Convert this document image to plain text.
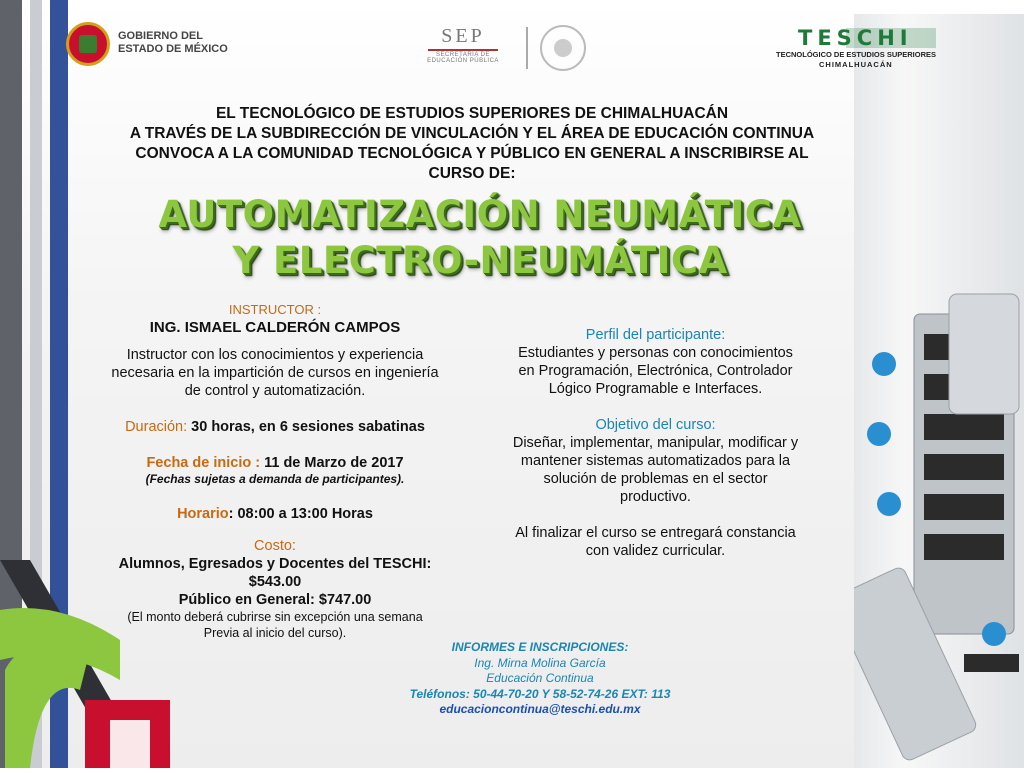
GOBIERNO DEL
ESTADO DE MÉXICO
SEP
SECRETARÍA DE
EDUCACIÓN PÚBLICA
TESCHI
TECNOLÓGICO DE ESTUDIOS SUPERIORES
CHIMALHUACÁN
EL TECNOLÓGICO DE ESTUDIOS SUPERIORES DE CHIMALHUACÁN
A TRAVÉS DE LA SUBDIRECCIÓN DE VINCULACIÓN Y EL ÁREA DE EDUCACIÓN CONTINUA
CONVOCA A LA COMUNIDAD TECNOLÓGICA Y PÚBLICO EN GENERAL A INSCRIBIRSE AL
CURSO DE:
AUTOMATIZACIÓN NEUMÁTICA
Y ELECTRO-NEUMÁTICA
INSTRUCTOR :
ING. ISMAEL CALDERÓN CAMPOS
Instructor con los conocimientos y experiencia
necesaria en la impartición de cursos en ingeniería
de control y automatización.
Duración: 30 horas, en 6 sesiones sabatinas
Fecha de inicio : 11 de Marzo de 2017
(Fechas sujetas a demanda de participantes).
Horario: 08:00 a 13:00 Horas
Costo:
Alumnos, Egresados y Docentes del TESCHI:
$543.00
Público en General: $747.00
(El monto deberá cubrirse sin excepción una semana
Previa al inicio del curso).
Perfil del participante:
Estudiantes y personas con conocimientos
en Programación, Electrónica, Controlador
Lógico Programable e Interfaces.
Objetivo del curso:
Diseñar, implementar, manipular, modificar y
mantener sistemas automatizados para la
solución de problemas en el sector
productivo.
Al finalizar el curso se entregará constancia
con validez curricular.
INFORMES E INSCRIPCIONES:
Ing. Mirna Molina García
Educación Continua
Teléfonos: 50-44-70-20 Y 58-52-74-26 EXT: 113
educacioncontinua@teschi.edu.mx
